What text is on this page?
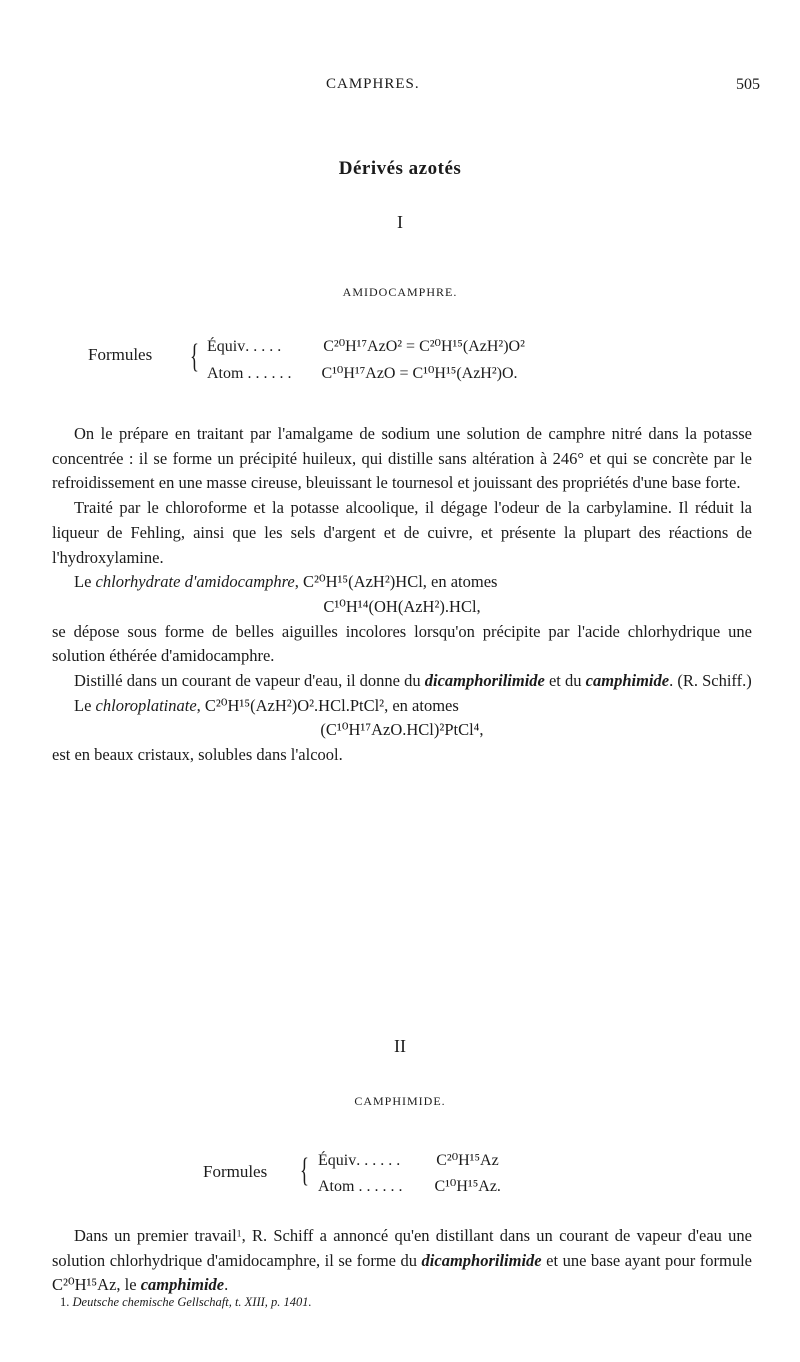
CAMPHRES.	505
Dérivés azotés
I
AMIDOCAMPHRE.
Formules { Équiv. . . . .	C²⁰H¹⁷AzO² = C²⁰H¹⁵(AzH²)O²
Atom . . . . . . C¹⁰H¹⁷AzO = C¹⁰H¹⁵(AzH²)O.

On le prépare en traitant par l'amalgame de sodium une solution de camphre nitré dans la potasse concentrée : il se forme un précipité huileux, qui distille sans altération à 246° et qui se concrète par le refroidissement en une masse cireuse, bleuissant le tournesol et jouissant des propriétés d'une base forte.

Traité par le chloroforme et la potasse alcoolique, il dégage l'odeur de la carbylamine. Il réduit la liqueur de Fehling, ainsi que les sels d'argent et de cuivre, et présente la plupart des réactions de l'hydroxylamine.

Le chlorhydrate d'amidocamphre, C²⁰H¹⁵(AzH²)HCl, en atomes

C¹⁰H¹⁴(OH(AzH²).HCl,

se dépose sous forme de belles aiguilles incolores lorsqu'on précipite par l'acide chlorhydrique une solution éthérée d'amidocamphre.

Distillé dans un courant de vapeur d'eau, il donne du dicamphorilimide et du camphimide. (R. Schiff.)

Le chloroplatinate, C²⁰H¹⁵(AzH²)O².HCl.PtCl², en atomes

(C¹⁰H¹⁷AzO.HCl)²PtCl⁴,

est en beaux cristaux, solubles dans l'alcool.

II
CAMPHIMIDE.
Formules { Équiv. . . . . . C²⁰H¹⁵Az
Atom . . . . . . C¹⁰H¹⁵Az.

Dans un premier travail$^1$, R. Schiff a annoncé qu'en distillant dans un courant de vapeur d'eau une solution chlorhydrique d'amidocamphre, il se forme du dicamphorilimide et une base ayant pour formule C²⁰H¹⁵Az, le camphimide.

1. Deutsche chemische Gellschaft, t. XIII, p. 1401.
